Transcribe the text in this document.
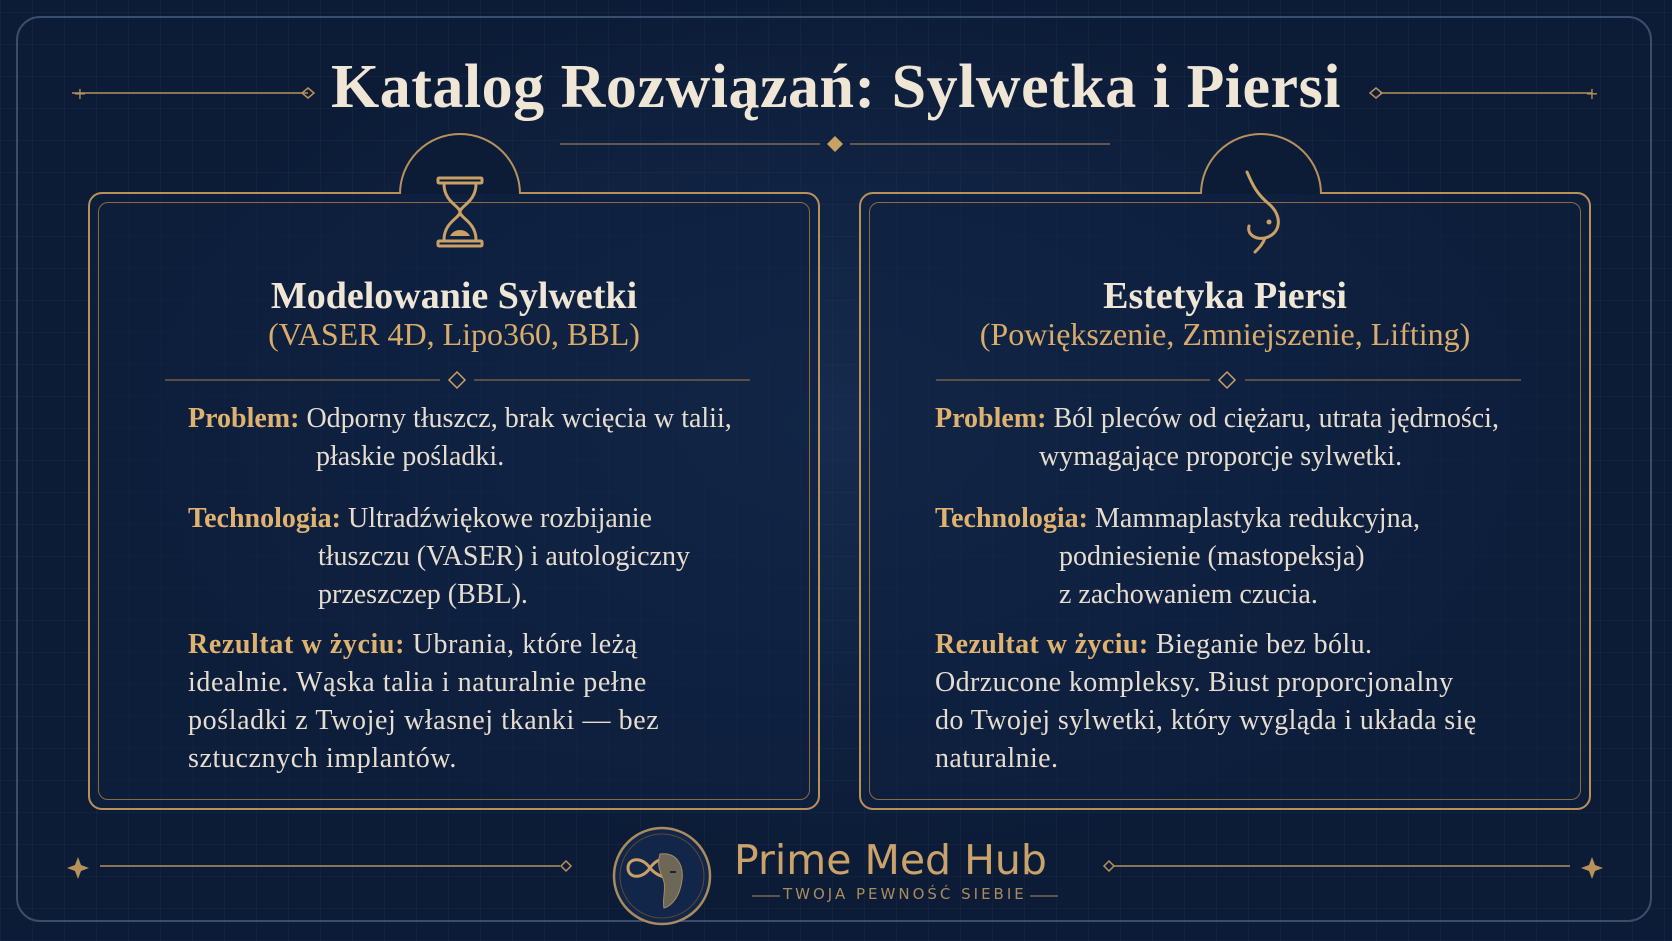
+	+
Katalog Rozwiązań: Sylwetka i Piersi
Modelowanie Sylwetki
(VASER 4D, Lipo360, BBL)
Problem: Odporny tłuszcz, brak wcięcia w talii,
płaskie pośladki.
Technologia: Ultradźwiękowe rozbijanie
tłuszczu (VASER) i autologiczny
przeszczep (BBL).
Rezultat w życiu: Ubrania, które leżą
idealnie. Wąska talia i naturalnie pełne
pośladki z Twojej własnej tkanki — bez
sztucznych implantów.
Estetyka Piersi
(Powiększenie, Zmniejszenie, Lifting)
Problem: Ból pleców od ciężaru, utrata jędrności,
wymagające proporcje sylwetki.
Technologia: Mammaplastyka redukcyjna,
podniesienie (mastopeksja)
z zachowaniem czucia.
Rezultat w życiu: Bieganie bez bólu.
Odrzucone kompleksy. Biust proporcjonalny
do Twojej sylwetki, który wygląda i układa się
naturalnie.
Prime Med Hub
TWOJA PEWNOŚĆ SIEBIE
